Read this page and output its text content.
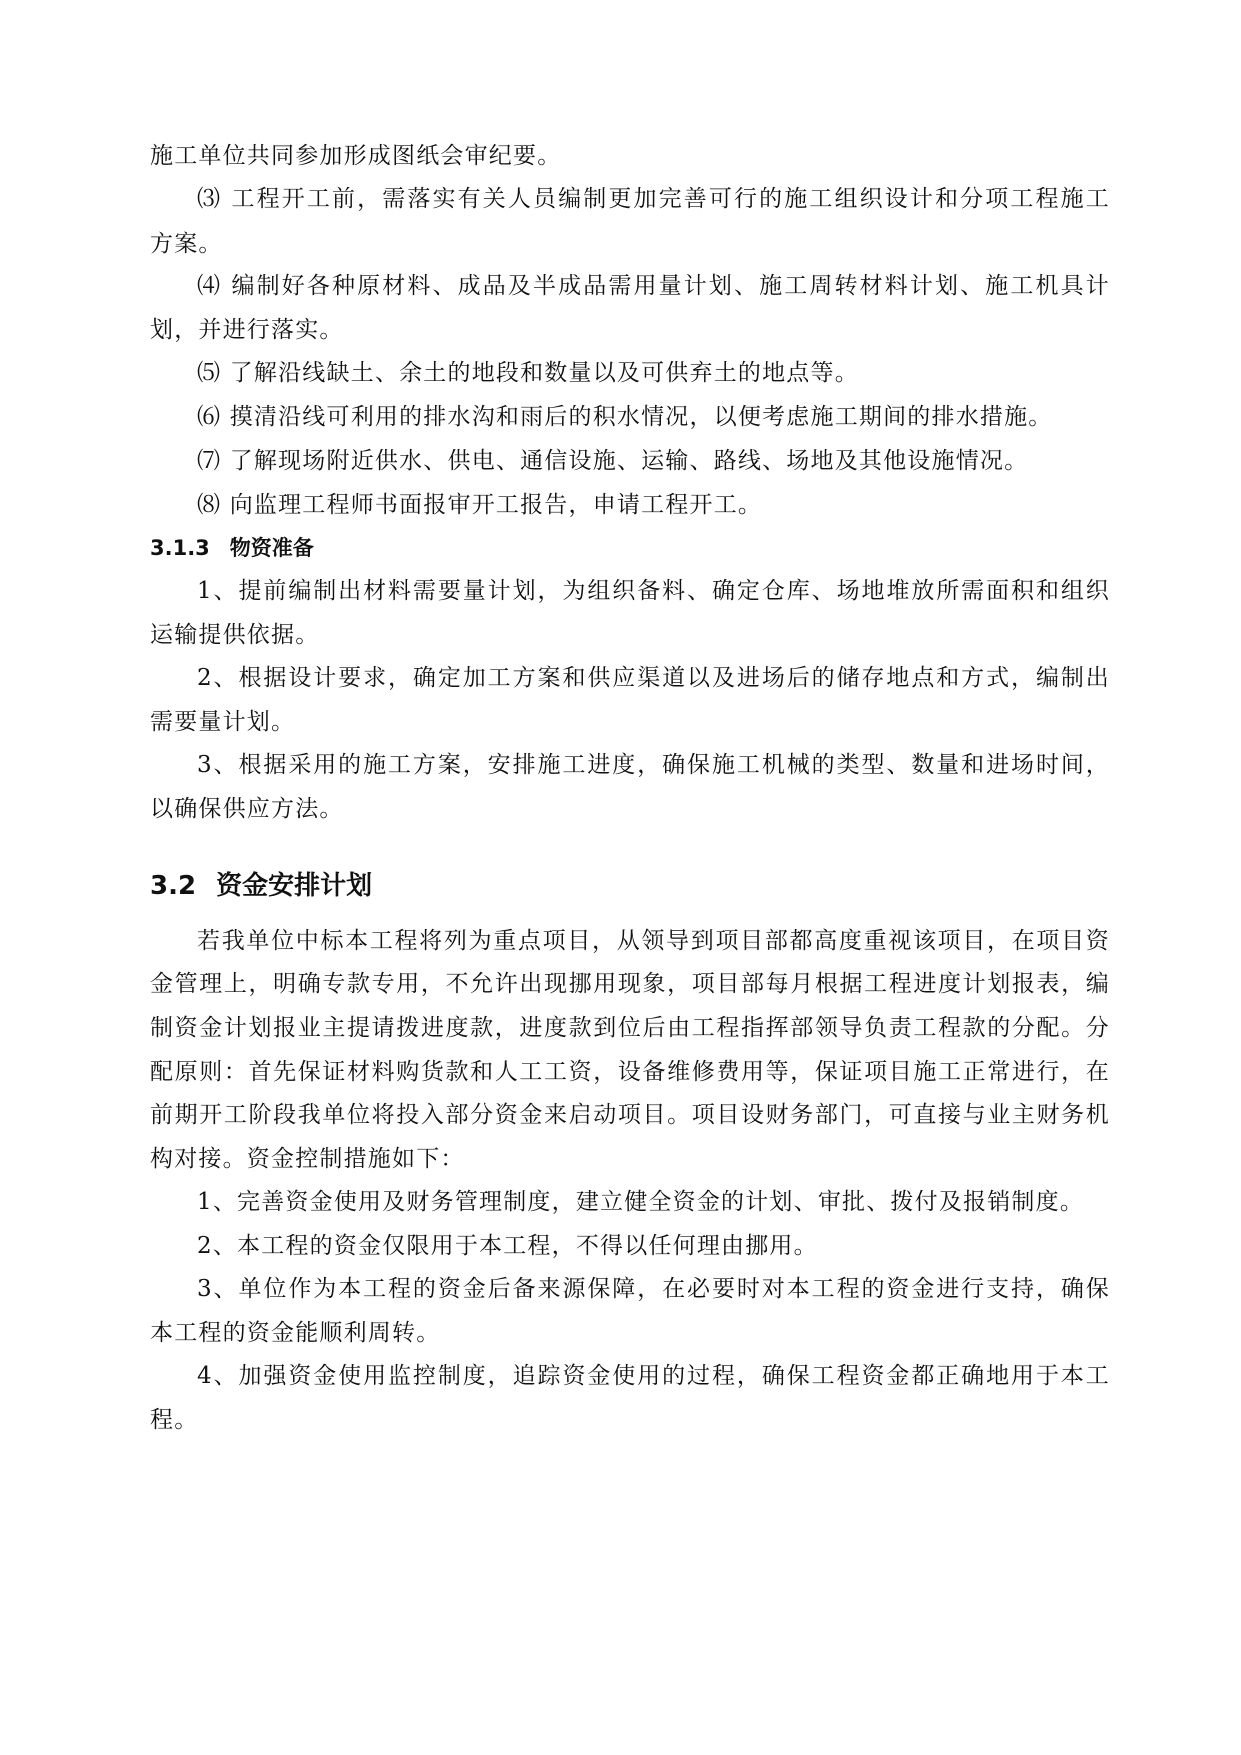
施工单位共同参加形成图纸会审纪要。
⑶ 工程开工前，需落实有关人员编制更加完善可行的施工组织设计和分项工程施工
方案。
⑷ 编制好各种原材料、成品及半成品需用量计划、施工周转材料计划、施工机具计
划，并进行落实。
⑸ 了解沿线缺土、余土的地段和数量以及可供弃土的地点等。
⑹ 摸清沿线可利用的排水沟和雨后的积水情况，以便考虑施工期间的排水措施。
⑺ 了解现场附近供水、供电、通信设施、运输、路线、场地及其他设施情况。
⑻ 向监理工程师书面报审开工报告，申请工程开工。
3.1.3 物资准备
1、提前编制出材料需要量计划，为组织备料、确定仓库、场地堆放所需面积和组织
运输提供依据。
2、根据设计要求，确定加工方案和供应渠道以及进场后的储存地点和方式，编制出
需要量计划。
3、根据采用的施工方案，安排施工进度，确保施工机械的类型、数量和进场时间，
以确保供应方法。
3.2 资金安排计划
若我单位中标本工程将列为重点项目，从领导到项目部都高度重视该项目，在项目资
金管理上，明确专款专用，不允许出现挪用现象，项目部每月根据工程进度计划报表，编
制资金计划报业主提请拨进度款，进度款到位后由工程指挥部领导负责工程款的分配。分
配原则：首先保证材料购货款和人工工资，设备维修费用等，保证项目施工正常进行，在
前期开工阶段我单位将投入部分资金来启动项目。项目设财务部门，可直接与业主财务机
构对接。资金控制措施如下：
1、完善资金使用及财务管理制度，建立健全资金的计划、审批、拨付及报销制度。
2、本工程的资金仅限用于本工程，不得以任何理由挪用。
3、单位作为本工程的资金后备来源保障，在必要时对本工程的资金进行支持，确保
本工程的资金能顺利周转。
4、加强资金使用监控制度，追踪资金使用的过程，确保工程资金都正确地用于本工
程。
